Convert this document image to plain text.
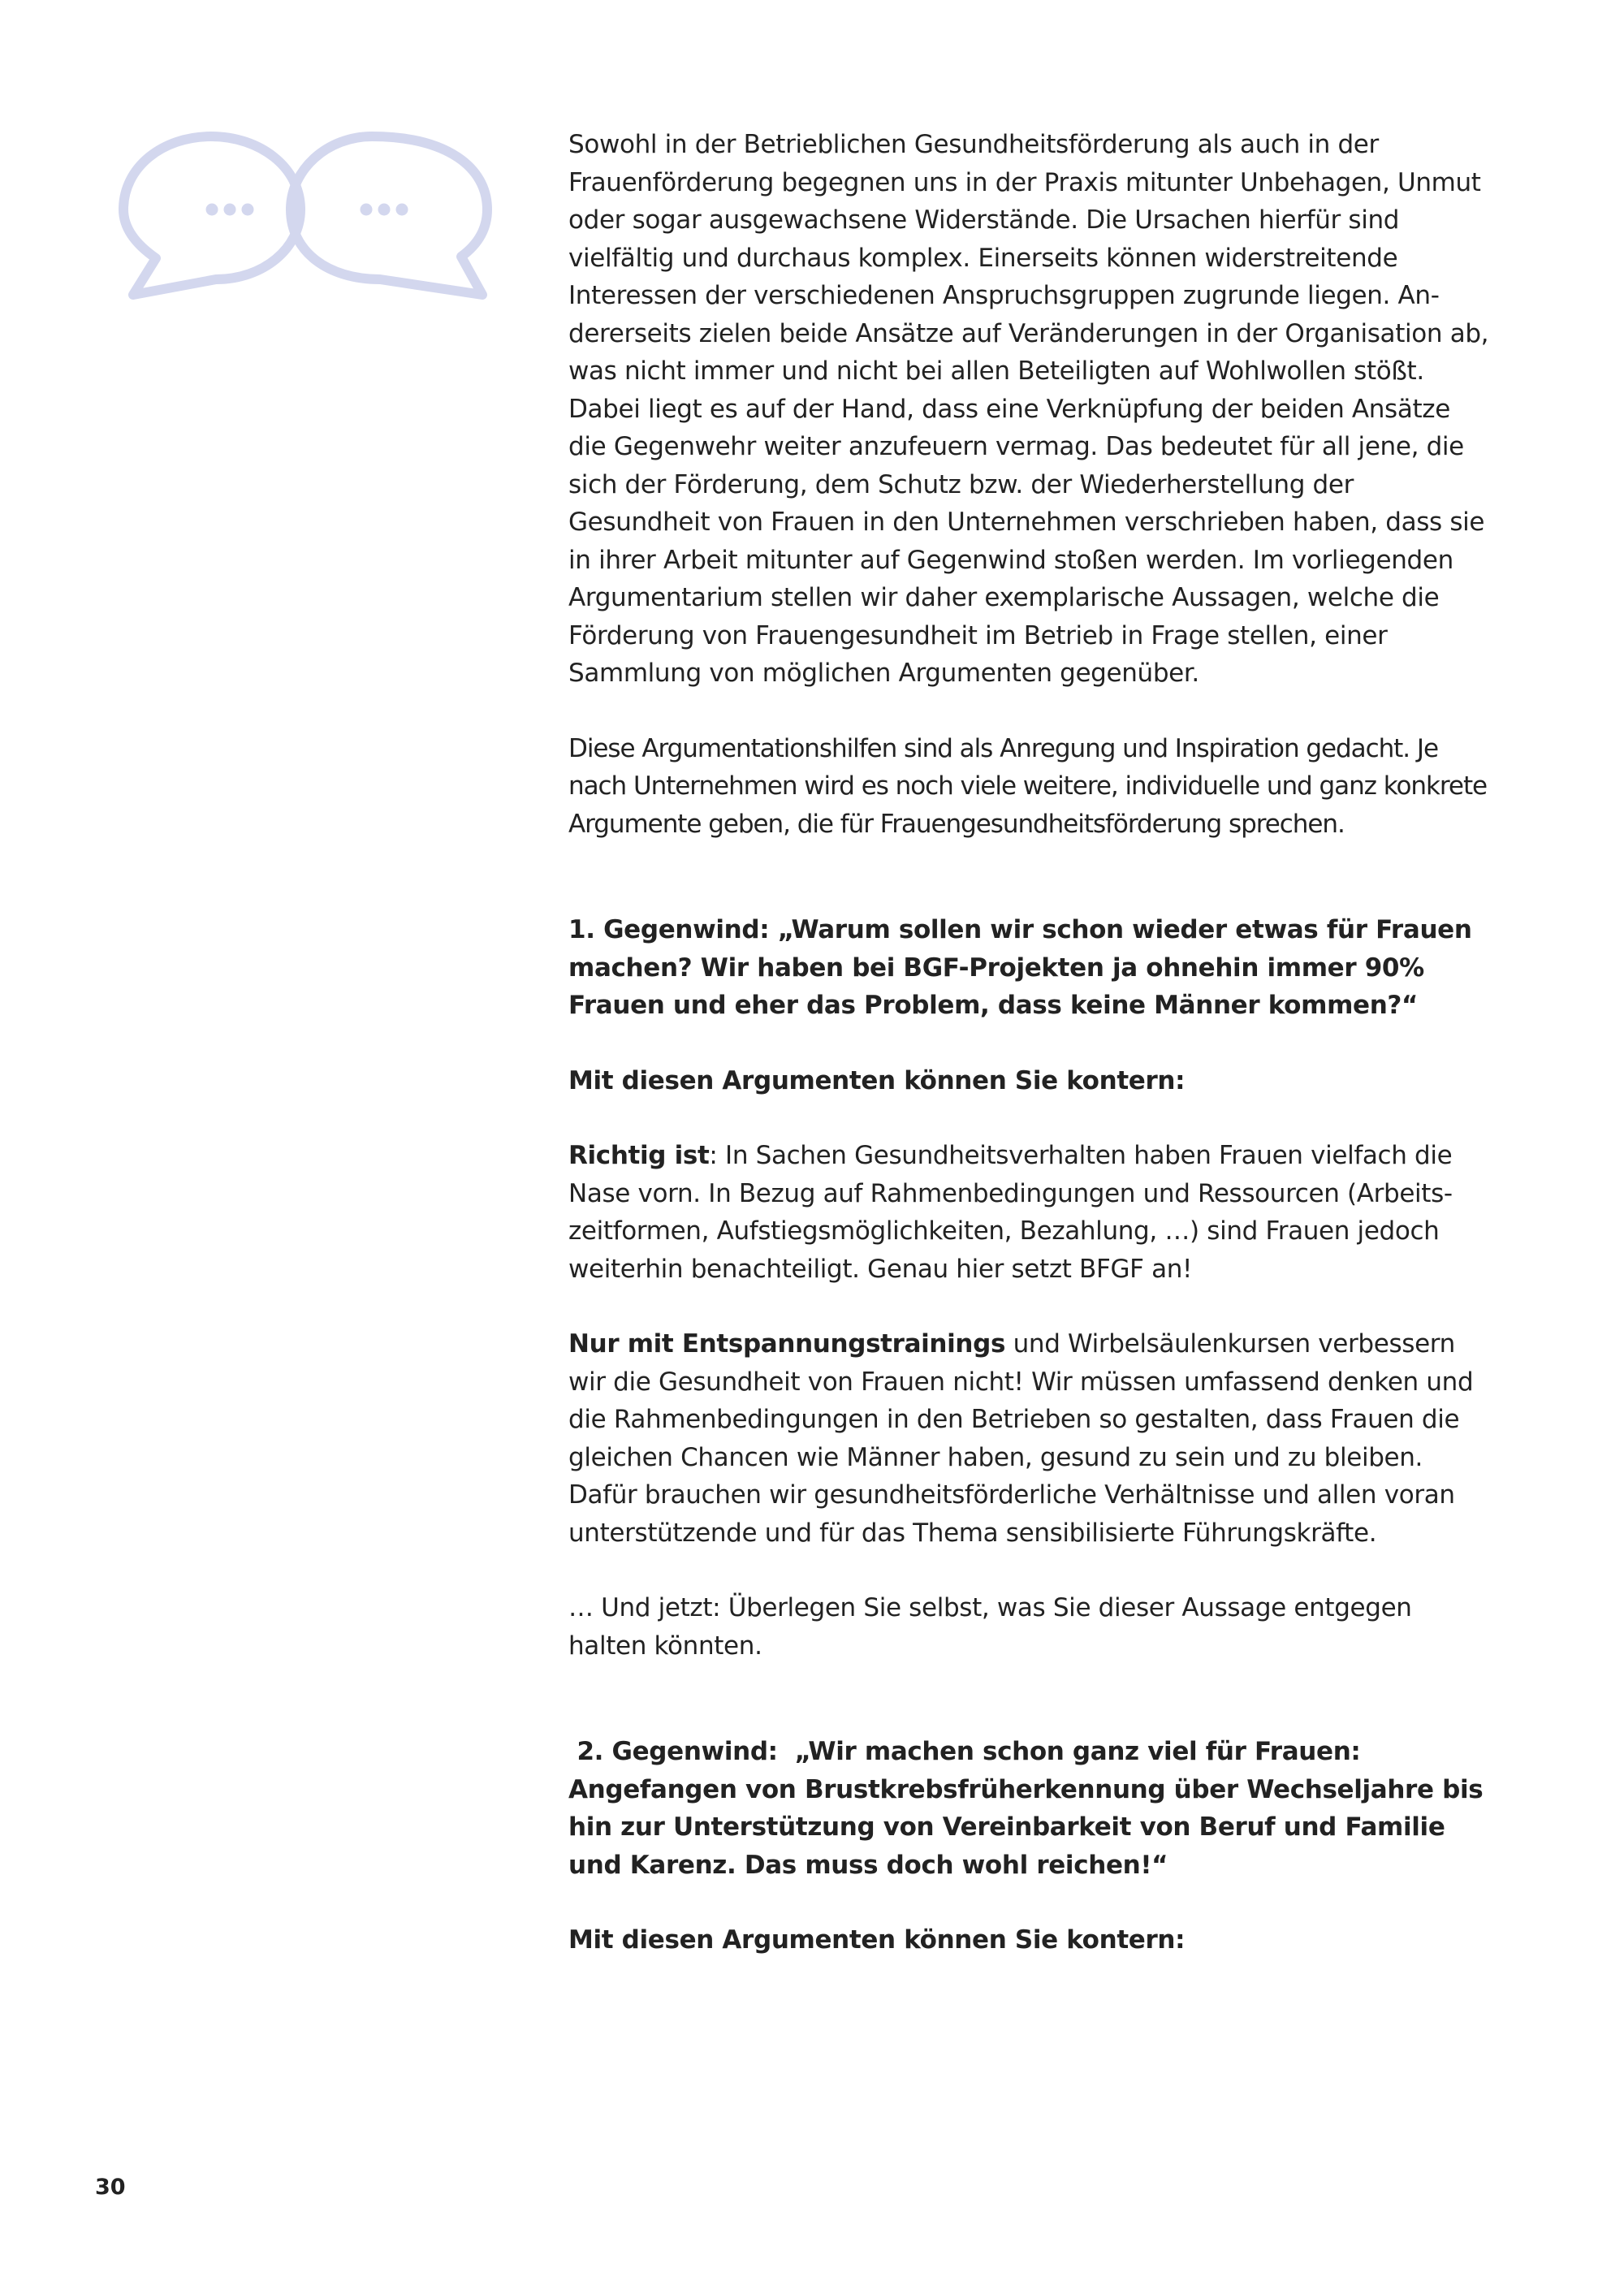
Sowohl in der Betrieblichen Gesundheitsförderung als auch in der Frauenförderung begegnen uns in der Praxis mitunter Unbehagen, Unmut oder sogar ausgewachsene Widerstände. Die Ursachen hierfür sind vielfältig und durchaus komplex. Einerseits können widerstreitende Interessen der verschiedenen Anspruchsgruppen zugrunde liegen. Andererseits zielen beide Ansätze auf Veränderungen in der Organisation ab, was nicht immer und nicht bei allen Beteiligten auf Wohlwollen stößt. Dabei liegt es auf der Hand, dass eine Verknüpfung der beiden Ansätze die Gegenwehr weiter anzufeuern vermag. Das bedeutet für all jene, die sich der Förderung, dem Schutz bzw. der Wiederherstellung der Gesundheit von Frauen in den Unternehmen verschrieben haben, dass sie in ihrer Arbeit mitunter auf Gegenwind stoßen werden. Im vorliegenden Argumentarium stellen wir daher exemplarische Aussagen, welche die Förderung von Frauengesundheit im Betrieb in Frage stellen, einer Sammlung von möglichen Argumenten gegenüber.

Diese Argumentationshilfen sind als Anregung und Inspiration gedacht. Je nach Unternehmen wird es noch viele weitere, individuelle und ganz konkrete Argumente geben, die für Frauengesundheitsförderung sprechen.

1. Gegenwind: „Warum sollen wir schon wieder etwas für Frauen machen? Wir haben bei BGF-Projekten ja ohnehin immer 90% Frauen und eher das Problem, dass keine Männer kommen?“

Mit diesen Argumenten können Sie kontern:

Richtig ist: In Sachen Gesundheitsverhalten haben Frauen vielfach die Nase vorn. In Bezug auf Rahmenbedingungen und Ressourcen (Arbeitszeitformen, Aufstiegsmöglichkeiten, Bezahlung, …) sind Frauen jedoch weiterhin benachteiligt. Genau hier setzt BFGF an!

Nur mit Entspannungstrainings und Wirbelsäulenkursen verbessern wir die Gesundheit von Frauen nicht! Wir müssen umfassend denken und die Rahmenbedingungen in den Betrieben so gestalten, dass Frauen die gleichen Chancen wie Männer haben, gesund zu sein und zu bleiben. Dafür brauchen wir gesundheitsförderliche Verhältnisse und allen voran unterstützende und für das Thema sensibilisierte Führungskräfte.

… Und jetzt: Überlegen Sie selbst, was Sie dieser Aussage entgegen halten könnten.

2. Gegenwind:  „Wir machen schon ganz viel für Frauen: Angefangen von Brustkrebsfrüherkennung über Wechseljahre bis hin zur Unterstützung von Vereinbarkeit von Beruf und Familie und Karenz. Das muss doch wohl reichen!“

Mit diesen Argumenten können Sie kontern:

30
